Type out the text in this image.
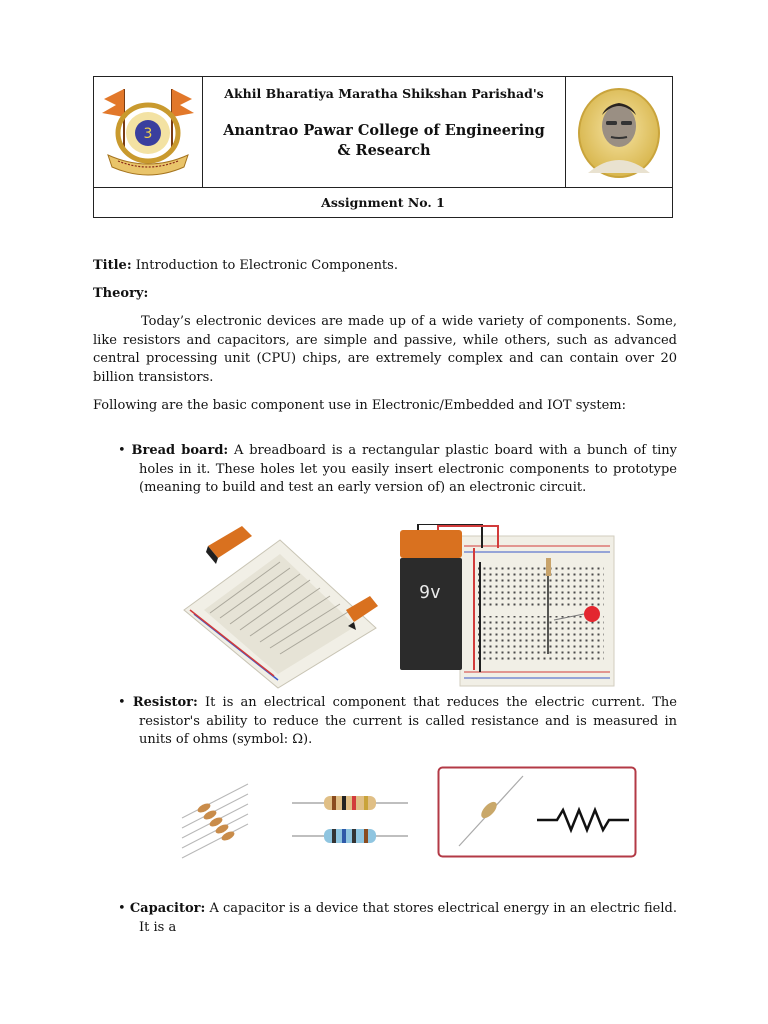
3
Akhil Bharatiya Maratha Shikshan Parishad's
Anantrao Pawar College of Engineering
& Research
Assignment No. 1
Title: Introduction to Electronic Components.
Theory:
Today’s electronic devices are made up of a wide variety of components. Some, like resistors and capacitors, are simple and passive, while others, such as advanced central processing unit (CPU) chips, are extremely complex and can contain over 20 billion transistors.
Following are the basic component use in Electronic/Embedded and IOT system:
• Bread board: A breadboard is a rectangular plastic board with a bunch of tiny holes in it. These holes let you easily insert electronic components to prototype (meaning to build and test an early version of) an electronic circuit.
9v
• Resistor: It is an electrical component that reduces the electric current. The resistor's ability to reduce the current is called resistance and is measured in units of ohms (symbol: Ω).
• Capacitor: A capacitor is a device that stores electrical energy in an electric field. It is a
